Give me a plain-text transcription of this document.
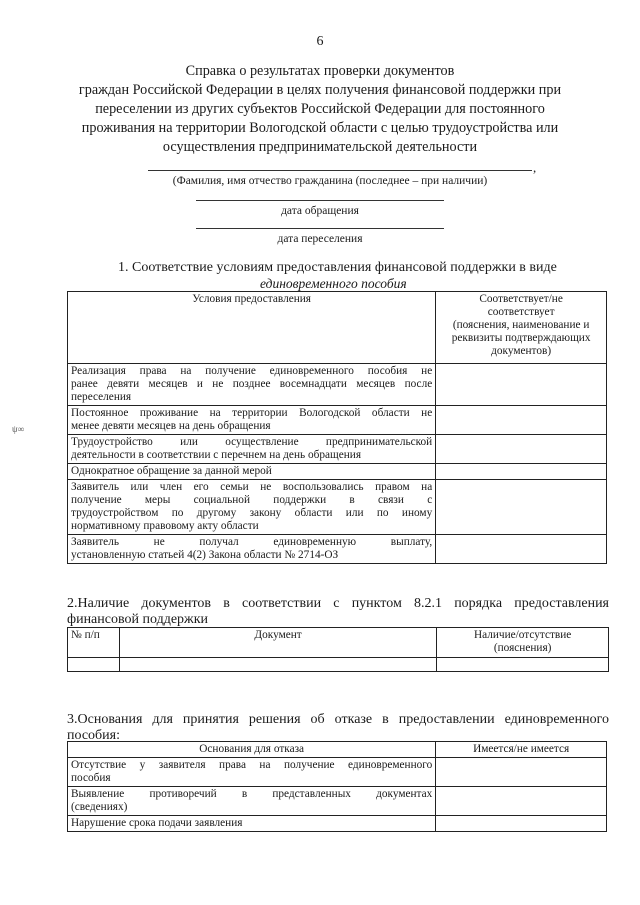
6
Справка о результатах проверки документов
граждан Российской Федерации в целях получения финансовой поддержки при
переселении из других субъектов Российской Федерации для постоянного
проживания на территории Вологодской области с целью трудоустройства или
осуществления предпринимательской деятельности
,
(Фамилия, имя отчество гражданина (последнее – при наличии)
дата обращения
дата переселения
1. Соответствие условиям предоставления финансовой поддержки в виде
единовременного пособия
Условия предоставления	Соответствует/не
соответствует
(пояснения, наименование и
реквизиты подтверждающих
документов)

Реализация права на получение единовременного пособия не
ранее девяти месяцев и не позднее восемнадцати месяцев после
переселения	

Постоянное проживание на территории Вологодской области не
менее девяти месяцев на день обращения	

Трудоустройство или осуществление предпринимательской
деятельности в соответствии с перечнем на день обращения	

Однократное обращение за данной мерой	

Заявитель или член его семьи не воспользовались правом на
получение меры социальной поддержки в связи с
трудоустройством по другому закону области или по иному
нормативному правовому акту области	

Заявитель не получал единовременную выплату,
установленную статьей 4(2) Закона области № 2714-ОЗ	

2.Наличие документов в соответствии с пунктом 8.2.1 порядка предоставления
финансовой поддержки
№ п/п	Документ	Наличие/отсутствие
(пояснения)

3.Основания для принятия решения об отказе в предоставлении единовременного
пособия:
Основания для отказа	Имеется/не имеется

Отсутствие у заявителя права на получение единовременного
пособия	

Выявление противоречий в представленных документах
(сведениях)	

Нарушение срока подачи заявления	

ψ∞
